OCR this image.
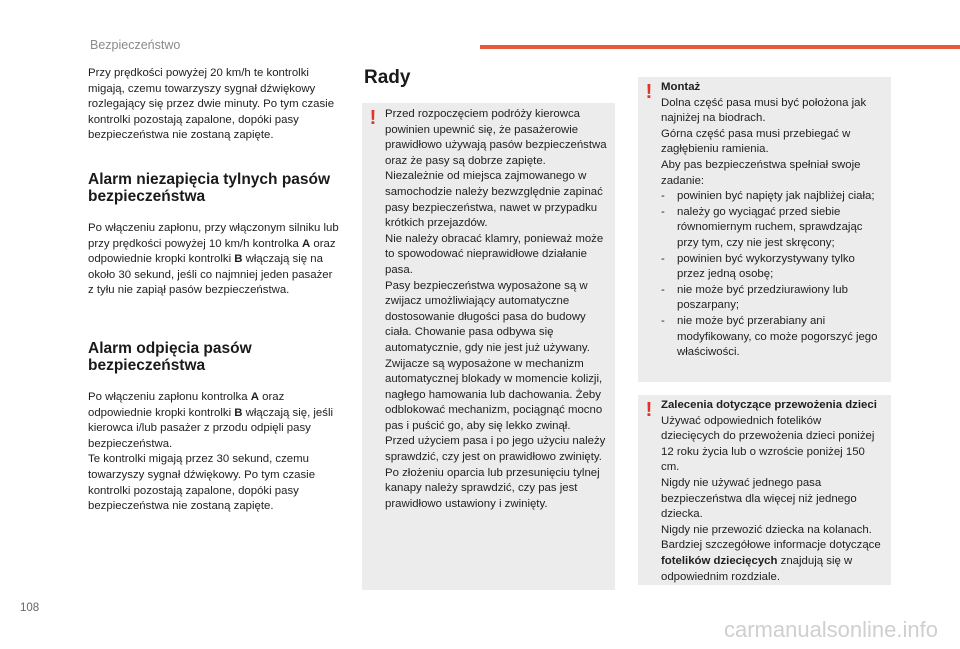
Bezpieczeństwo

Przy prędkości powyżej 20 km/h te kontrolki migają, czemu towarzyszy sygnał dźwiękowy rozlegający się przez dwie minuty. Po tym czasie kontrolki pozostają zapalone, dopóki pasy bezpieczeństwa nie zostaną zapięte.

Alarm niezapięcia tylnych pasów bezpieczeństwa

Po włączeniu zapłonu, przy włączonym silniku lub przy prędkości powyżej 10 km/h kontrolka A oraz odpowiednie kropki kontrolki B włączają się na około 30 sekund, jeśli co najmniej jeden pasażer z tyłu nie zapiął pasów bezpieczeństwa.

Alarm odpięcia pasów bezpieczeństwa

Po włączeniu zapłonu kontrolka A oraz odpowiednie kropki kontrolki B włączają się, jeśli kierowca i/lub pasażer z przodu odpięli pasy bezpieczeństwa.

Te kontrolki migają przez 30 sekund, czemu towarzyszy sygnał dźwiękowy. Po tym czasie kontrolki pozostają zapalone, dopóki pasy bezpieczeństwa nie zostaną zapięte.

Rady
! Przed rozpoczęciem podróży kierowca powinien upewnić się, że pasażerowie prawidłowo używają pasów bezpieczeństwa oraz że pasy są dobrze zapięte.

Niezależnie od miejsca zajmowanego w samochodzie należy bezwzględnie zapinać pasy bezpieczeństwa, nawet w przypadku krótkich przejazdów.

Nie należy obracać klamry, ponieważ może to spowodować nieprawidłowe działanie pasa.

Pasy bezpieczeństwa wyposażone są w zwijacz umożliwiający automatyczne dostosowanie długości pasa do budowy ciała. Chowanie pasa odbywa się automatycznie, gdy nie jest już używany.

Zwijacze są wyposażone w mechanizm automatycznej blokady w momencie kolizji, nagłego hamowania lub dachowania. Żeby odblokować mechanizm, pociągnąć mocno pas i puścić go, aby się lekko zwinął.

Przed użyciem pasa i po jego użyciu należy sprawdzić, czy jest on prawidłowo zwinięty.

Po złożeniu oparcia lub przesunięciu tylnej kanapy należy sprawdzić, czy pas jest prawidłowo ustawiony i zwinięty.

! Montaż

Dolna część pasa musi być położona jak najniżej na biodrach.

Górna część pasa musi przebiegać w zagłębieniu ramienia.

Aby pas bezpieczeństwa spełniał swoje zadanie:

-	powinien być napięty jak najbliżej ciała;
-	należy go wyciągać przed siebie równomiernym ruchem, sprawdzając przy tym, czy nie jest skręcony;
-	powinien być wykorzystywany tylko przez jedną osobę;
-	nie może być przedziurawiony lub poszarpany;
-	nie może być przerabiany ani modyfikowany, co może pogorszyć jego właściwości.
! Zalecenia dotyczące przewożenia dzieci

Używać odpowiednich fotelików dziecięcych do przewożenia dzieci poniżej 12 roku życia lub o wzroście poniżej 150 cm.

Nigdy nie używać jednego pasa bezpieczeństwa dla więcej niż jednego dziecka.

Nigdy nie przewozić dziecka na kolanach.

Bardziej szczegółowe informacje dotyczące fotelików dziecięcych znajdują się w odpowiednim rozdziale.

108
carmanualsonline.info
